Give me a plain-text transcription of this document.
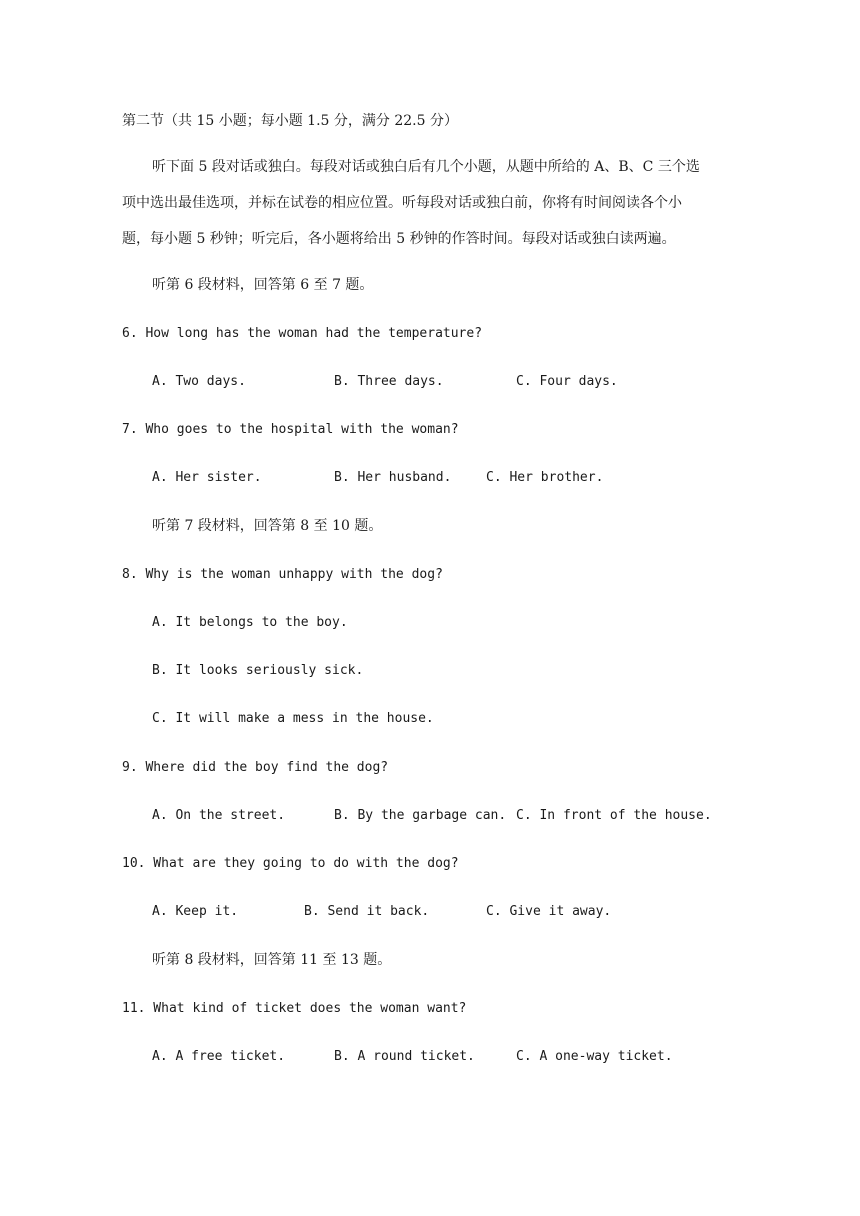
第二节（共 15 小题；每小题 1.5 分，满分 22.5 分）
听下面 5 段对话或独白。每段对话或独白后有几个小题，从题中所给的 A、B、C 三个选
项中选出最佳选项，并标在试卷的相应位置。听每段对话或独白前，你将有时间阅读各个小
题，每小题 5 秒钟；听完后，各小题将给出 5 秒钟的作答时间。每段对话或独白读两遍。
听第 6 段材料，回答第 6 至 7 题。
6. How long has the woman had the temperature?
A. Two days.	B. Three days.	C. Four days.
7. Who goes to the hospital with the woman?
A. Her sister.	B. Her husband.	C. Her brother.
听第 7 段材料，回答第 8 至 10 题。
8. Why is the woman unhappy with the dog?
A. It belongs to the boy.
B. It looks seriously sick.
C. It will make a mess in the house.
9. Where did the boy find the dog?
A. On the street.	B. By the garbage can. C. In front of the house.
10. What are they going to do with the dog?
A. Keep it.	B. Send it back.	C. Give it away.
听第 8 段材料，回答第 11 至 13 题。
11. What kind of ticket does the woman want?
A. A free ticket.	B. A round ticket.	C. A one-way ticket.
